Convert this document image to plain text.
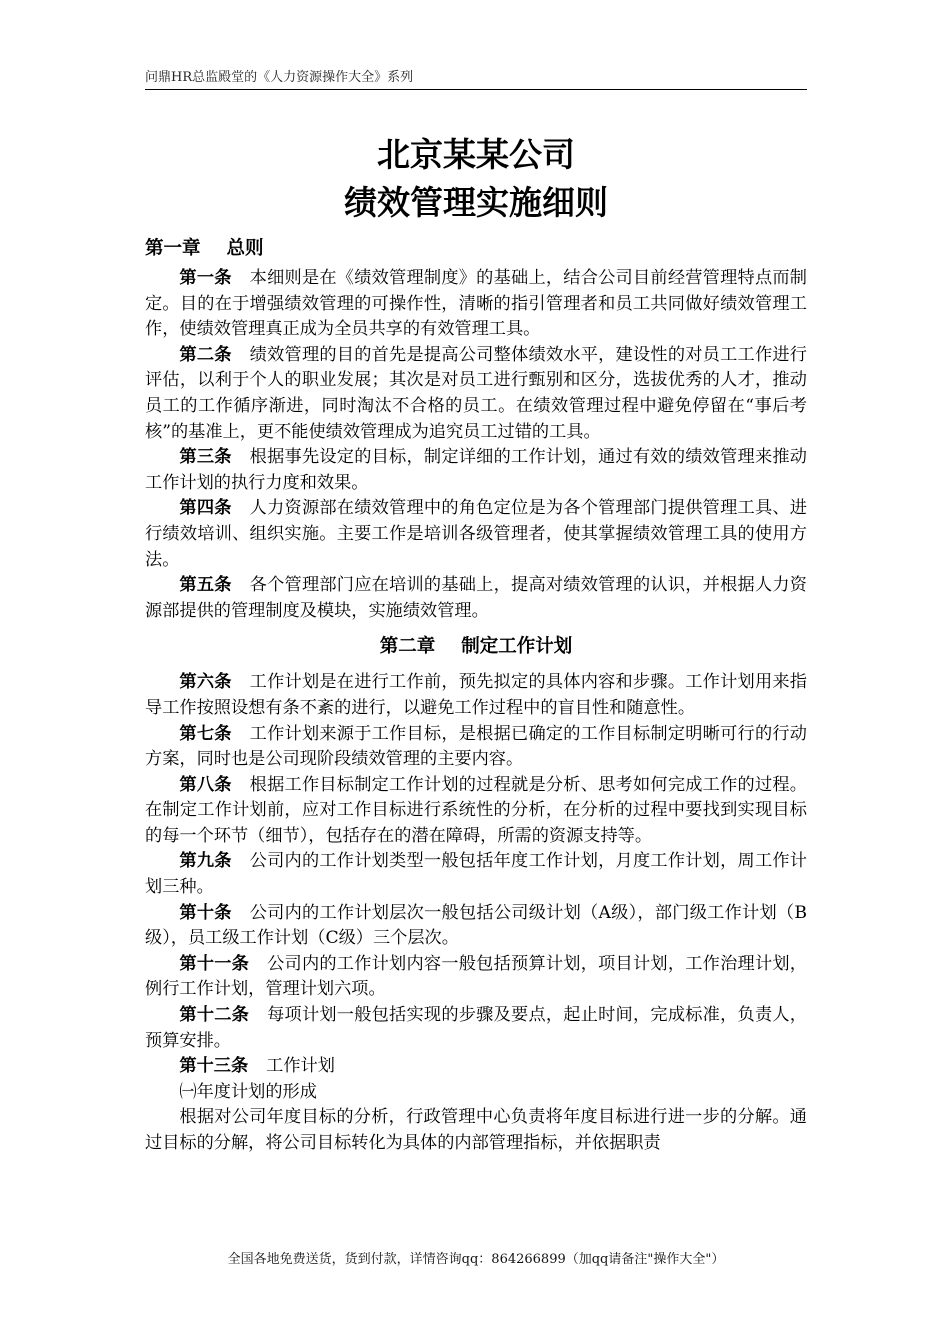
问鼎HR总监殿堂的《人力资源操作大全》系列
北京某某公司
绩效管理实施细则
第一章 总则

第一条 本细则是在《绩效管理制度》的基础上，结合公司目前经营管理特点而制定。目的在于增强绩效管理的可操作性，清晰的指引管理者和员工共同做好绩效管理工作，使绩效管理真正成为全员共享的有效管理工具。

第二条 绩效管理的目的首先是提高公司整体绩效水平，建设性的对员工工作进行评估，以利于个人的职业发展；其次是对员工进行甄别和区分，选拔优秀的人才，推动员工的工作循序渐进，同时淘汰不合格的员工。在绩效管理过程中避免停留在“事后考核”的基准上，更不能使绩效管理成为追究员工过错的工具。

第三条 根据事先设定的目标，制定详细的工作计划，通过有效的绩效管理来推动工作计划的执行力度和效果。

第四条 人力资源部在绩效管理中的角色定位是为各个管理部门提供管理工具、进行绩效培训、组织实施。主要工作是培训各级管理者，使其掌握绩效管理工具的使用方法。

第五条 各个管理部门应在培训的基础上，提高对绩效管理的认识，并根据人力资源部提供的管理制度及模块，实施绩效管理。

第二章 制定工作计划

第六条 工作计划是在进行工作前，预先拟定的具体内容和步骤。工作计划用来指导工作按照设想有条不紊的进行，以避免工作过程中的盲目性和随意性。

第七条 工作计划来源于工作目标，是根据已确定的工作目标制定明晰可行的行动方案，同时也是公司现阶段绩效管理的主要内容。

第八条 根据工作目标制定工作计划的过程就是分析、思考如何完成工作的过程。在制定工作计划前，应对工作目标进行系统性的分析，在分析的过程中要找到实现目标的每一个环节（细节），包括存在的潜在障碍，所需的资源支持等。

第九条 公司内的工作计划类型一般包括年度工作计划，月度工作计划，周工作计划三种。

第十条 公司内的工作计划层次一般包括公司级计划（A级），部门级工作计划（B级），员工级工作计划（C级）三个层次。

第十一条 公司内的工作计划内容一般包括预算计划，项目计划，工作治理计划，例行工作计划，管理计划六项。

第十二条 每项计划一般包括实现的步骤及要点，起止时间，完成标准，负责人，预算安排。

第十三条 工作计划

㈠年度计划的形成

根据对公司年度目标的分析，行政管理中心负责将年度目标进行进一步的分解。通过目标的分解，将公司目标转化为具体的内部管理指标，并依据职责

全国各地免费送货，货到付款，详情咨询qq：864266899（加qq请备注"操作大全"）
